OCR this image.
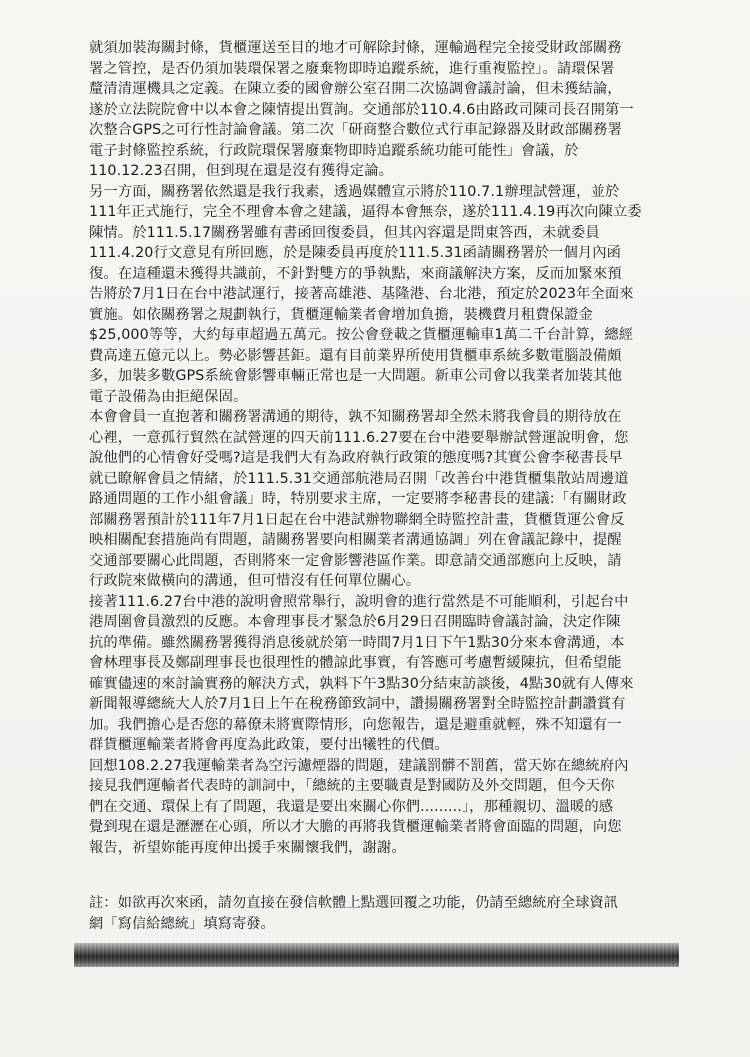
就須加裝海關封條，貨櫃運送至目的地才可解除封條，運輸過程完全接受財政部關務
署之管控，是否仍須加裝環保署之廢棄物即時追蹤系統，進行重複監控」。請環保署
釐清清運機具之定義。在陳立委的國會辦公室召開二次協調會議討論，但未獲結論，
遂於立法院院會中以本會之陳情提出質詢。交通部於110.4.6由路政司陳司長召開第一
次整合GPS之可行性討論會議。第二次「研商整合數位式行車記錄器及財政部關務署
電子封條監控系統，行政院環保署廢棄物即時追蹤系統功能可能性」會議，於
110.12.23召開，但到現在還是沒有獲得定論。

另一方面，關務署依然還是我行我素，透過媒體宣示將於110.7.1辦理試營運，並於
111年正式施行，完全不理會本會之建議，逼得本會無奈，遂於111.4.19再次向陳立委
陳情。於111.5.17關務署雖有書函回復委員，但其內容還是問東答西，未就委員
111.4.20行文意見有所回應，於是陳委員再度於111.5.31函請關務署於一個月內函
復。在這種還未獲得共識前，不針對雙方的爭執點，來商議解決方案，反而加緊來預
告將於7月1日在台中港試運行，接著高雄港、基隆港、台北港，預定於2023年全面來
實施。如依關務署之規劃執行，貨櫃運輸業者會增加負擔，裝機費月租費保證金
$25,000等等，大約每車超過五萬元。按公會登載之貨櫃運輸車1萬二千台計算，總經
費高達五億元以上。勢必影響甚鉅。還有目前業界所使用貨櫃車系統多數電腦設備頗
多，加裝多數GPS系統會影響車輛正常也是一大問題。新車公司會以我業者加裝其他
電子設備為由拒絕保固。

本會會員一直抱著和關務署溝通的期待，孰不知關務署却全然未將我會員的期待放在
心裡，一意孤行貿然在試營運的四天前111.6.27要在台中港要舉辦試營運說明會，您
說他們的心情會好受嗎?這是我們大有為政府執行政策的態度嗎?其實公會李秘書長早
就已瞭解會員之情緒，於111.5.31交通部航港局召開「改善台中港貨櫃集散站周邊道
路通問題的工作小組會議」時，特別要求主席，一定要將李秘書長的建議:「有關財政
部關務署預計於111年7月1日起在台中港試辦物聯網全時監控計畫，貨櫃貨運公會反
映相關配套措施尚有問題，請關務署要向相關業者溝通協調」列在會議記錄中，提醒
交通部要關心此問題，否則將來一定會影響港區作業。即意請交通部應向上反映，請
行政院來做橫向的溝通，但可惜沒有任何單位關心。

接著111.6.27台中港的說明會照常舉行，說明會的進行當然是不可能順利，引起台中
港周圍會員激烈的反應。本會理事長才緊急於6月29日召開臨時會議討論，決定作陳
抗的準備。雖然關務署獲得消息後就於第一時間7月1日下午1點30分來本會溝通，本
會林理事長及鄭副理事長也很理性的體諒此事實，有答應可考慮暫緩陳抗，但希望能
確實儘速的來討論實務的解決方式，孰料下午3點30分結束訪談後，4點30就有人傳來
新聞報導總統大人於7月1日上午在稅務節致詞中，讚揚關務署對全時監控計劃讚賞有
加。我們擔心是否您的幕僚未將實際情形，向您報告，還是避重就輕，殊不知還有一
群貨櫃運輸業者將會再度為此政策，要付出犧牲的代價。

回想108.2.27我運輸業者為空污濾煙器的問題，建議罰髒不罰舊，當天妳在總統府內
接見我們運輸者代表時的訓詞中，「總統的主要職責是對國防及外交問題，但今天你
們在交通、環保上有了問題，我還是要出來關心你們.........」，那種親切、溫暖的感
覺到現在還是瀝瀝在心頭，所以才大膽的再將我貨櫃運輸業者將會面臨的問題，向您
報告，祈望妳能再度伸出援手來關懷我們，謝謝。

註：如欲再次來函，請勿直接在發信軟體上點選回覆之功能，仍請至總統府全球資訊
網「寫信給總統」填寫寄發。
